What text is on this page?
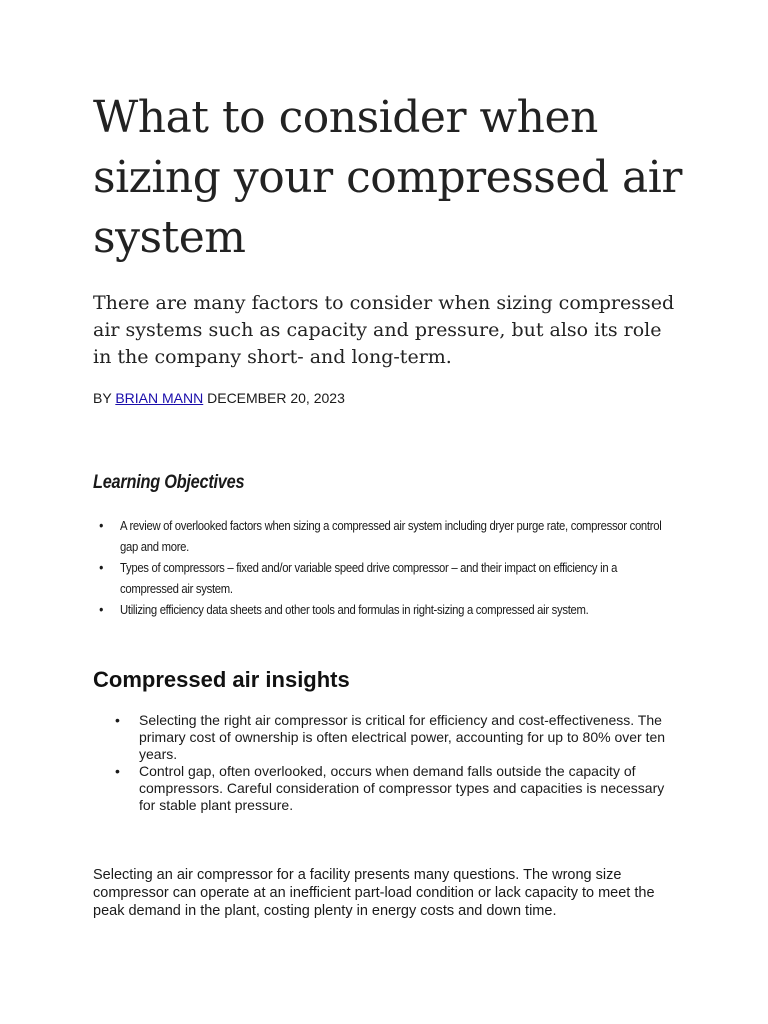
What to consider when sizing your compressed air system

There are many factors to consider when sizing compressed air systems such as capacity and pressure, but also its role in the company short- and long-term.

BY BRIAN MANN DECEMBER 20, 2023
Learning Objectives
• A review of overlooked factors when sizing a compressed air system including dryer purge rate, compressor control gap and more.
• Types of compressors – fixed and/or variable speed drive compressor – and their impact on efficiency in a compressed air system.
• Utilizing efficiency data sheets and other tools and formulas in right-sizing a compressed air system.
Compressed air insights
• Selecting the right air compressor is critical for efficiency and cost-effectiveness. The primary cost of ownership is often electrical power, accounting for up to 80% over ten years.
• Control gap, often overlooked, occurs when demand falls outside the capacity of compressors. Careful consideration of compressor types and capacities is necessary for stable plant pressure.

Selecting an air compressor for a facility presents many questions. The wrong size compressor can operate at an inefficient part-load condition or lack capacity to meet the peak demand in the plant, costing plenty in energy costs and down time.
